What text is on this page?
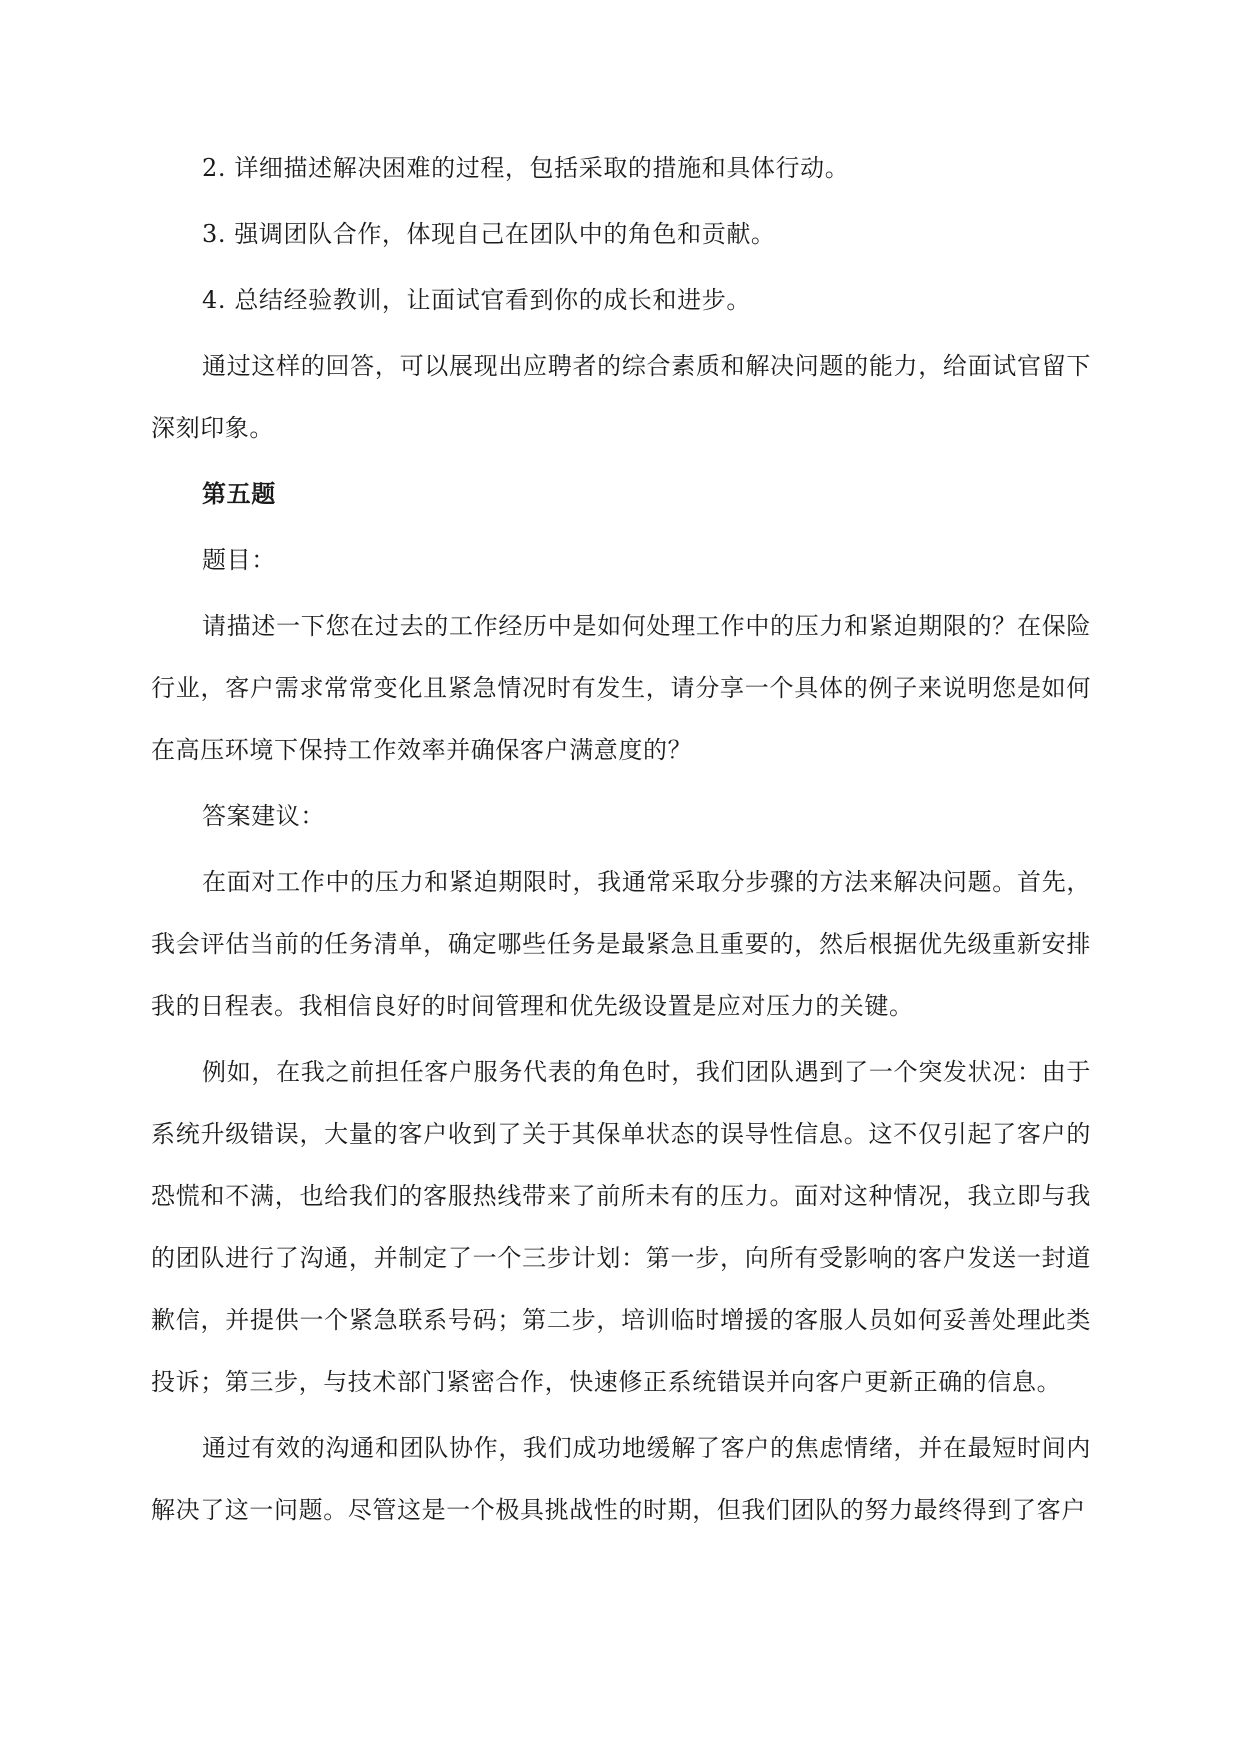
2. 详细描述解决困难的过程，包括采取的措施和具体行动。

3. 强调团队合作，体现自己在团队中的角色和贡献。

4. 总结经验教训，让面试官看到你的成长和进步。

通过这样的回答，可以展现出应聘者的综合素质和解决问题的能力，给面试官留下深刻印象。

第五题

题目：

请描述一下您在过去的工作经历中是如何处理工作中的压力和紧迫期限的？在保险行业，客户需求常常变化且紧急情况时有发生，请分享一个具体的例子来说明您是如何在高压环境下保持工作效率并确保客户满意度的？

答案建议：

在面对工作中的压力和紧迫期限时，我通常采取分步骤的方法来解决问题。首先，我会评估当前的任务清单，确定哪些任务是最紧急且重要的，然后根据优先级重新安排我的日程表。我相信良好的时间管理和优先级设置是应对压力的关键。

例如，在我之前担任客户服务代表的角色时，我们团队遇到了一个突发状况：由于系统升级错误，大量的客户收到了关于其保单状态的误导性信息。这不仅引起了客户的恐慌和不满，也给我们的客服热线带来了前所未有的压力。面对这种情况，我立即与我的团队进行了沟通，并制定了一个三步计划：第一步，向所有受影响的客户发送一封道歉信，并提供一个紧急联系号码；第二步，培训临时增援的客服人员如何妥善处理此类投诉；第三步，与技术部门紧密合作，快速修正系统错误并向客户更新正确的信息。

通过有效的沟通和团队协作，我们成功地缓解了客户的焦虑情绪，并在最短时间内解决了这一问题。尽管这是一个极具挑战性的时期，但我们团队的努力最终得到了客户
